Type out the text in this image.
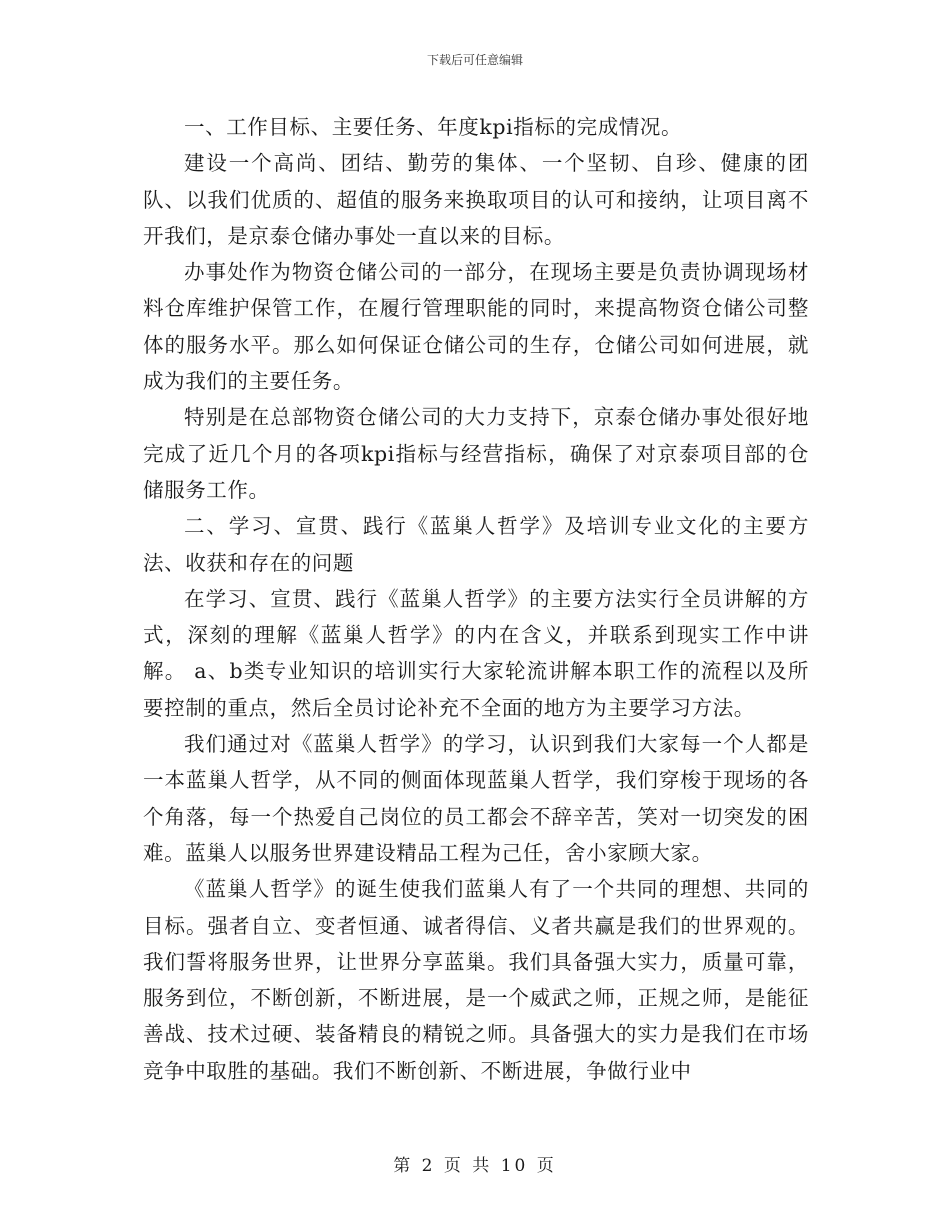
下载后可任意编辑

一、工作目标、主要任务、年度kpi指标的完成情况。

建设一个高尚、团结、勤劳的集体、一个坚韧、自珍、健康的团队、以我们优质的、超值的服务来换取项目的认可和接纳，让项目离不开我们，是京泰仓储办事处一直以来的目标。

办事处作为物资仓储公司的一部分，在现场主要是负责协调现场材料仓库维护保管工作，在履行管理职能的同时，来提高物资仓储公司整体的服务水平。那么如何保证仓储公司的生存，仓储公司如何进展，就成为我们的主要任务。

特别是在总部物资仓储公司的大力支持下，京泰仓储办事处很好地完成了近几个月的各项kpi指标与经营指标，确保了对京泰项目部的仓储服务工作。

二、学习、宣贯、践行《蓝巢人哲学》及培训专业文化的主要方法、收获和存在的问题

在学习、宣贯、践行《蓝巢人哲学》的主要方法实行全员讲解的方式，深刻的理解《蓝巢人哲学》的内在含义，并联系到现实工作中讲解。 a、b类专业知识的培训实行大家轮流讲解本职工作的流程以及所要控制的重点，然后全员讨论补充不全面的地方为主要学习方法。

我们通过对《蓝巢人哲学》的学习，认识到我们大家每一个人都是一本蓝巢人哲学，从不同的侧面体现蓝巢人哲学，我们穿梭于现场的各个角落，每一个热爱自己岗位的员工都会不辞辛苦，笑对一切突发的困难。蓝巢人以服务世界建设精品工程为己任，舍小家顾大家。

《蓝巢人哲学》的诞生使我们蓝巢人有了一个共同的理想、共同的目标。强者自立、变者恒通、诚者得信、义者共赢是我们的世界观的。我们誓将服务世界，让世界分享蓝巢。我们具备强大实力，质量可靠，服务到位，不断创新，不断进展，是一个威武之师，正规之师，是能征善战、技术过硬、装备精良的精锐之师。具备强大的实力是我们在市场竞争中取胜的基础。我们不断创新、不断进展，争做行业中

第 2 页 共 10 页
